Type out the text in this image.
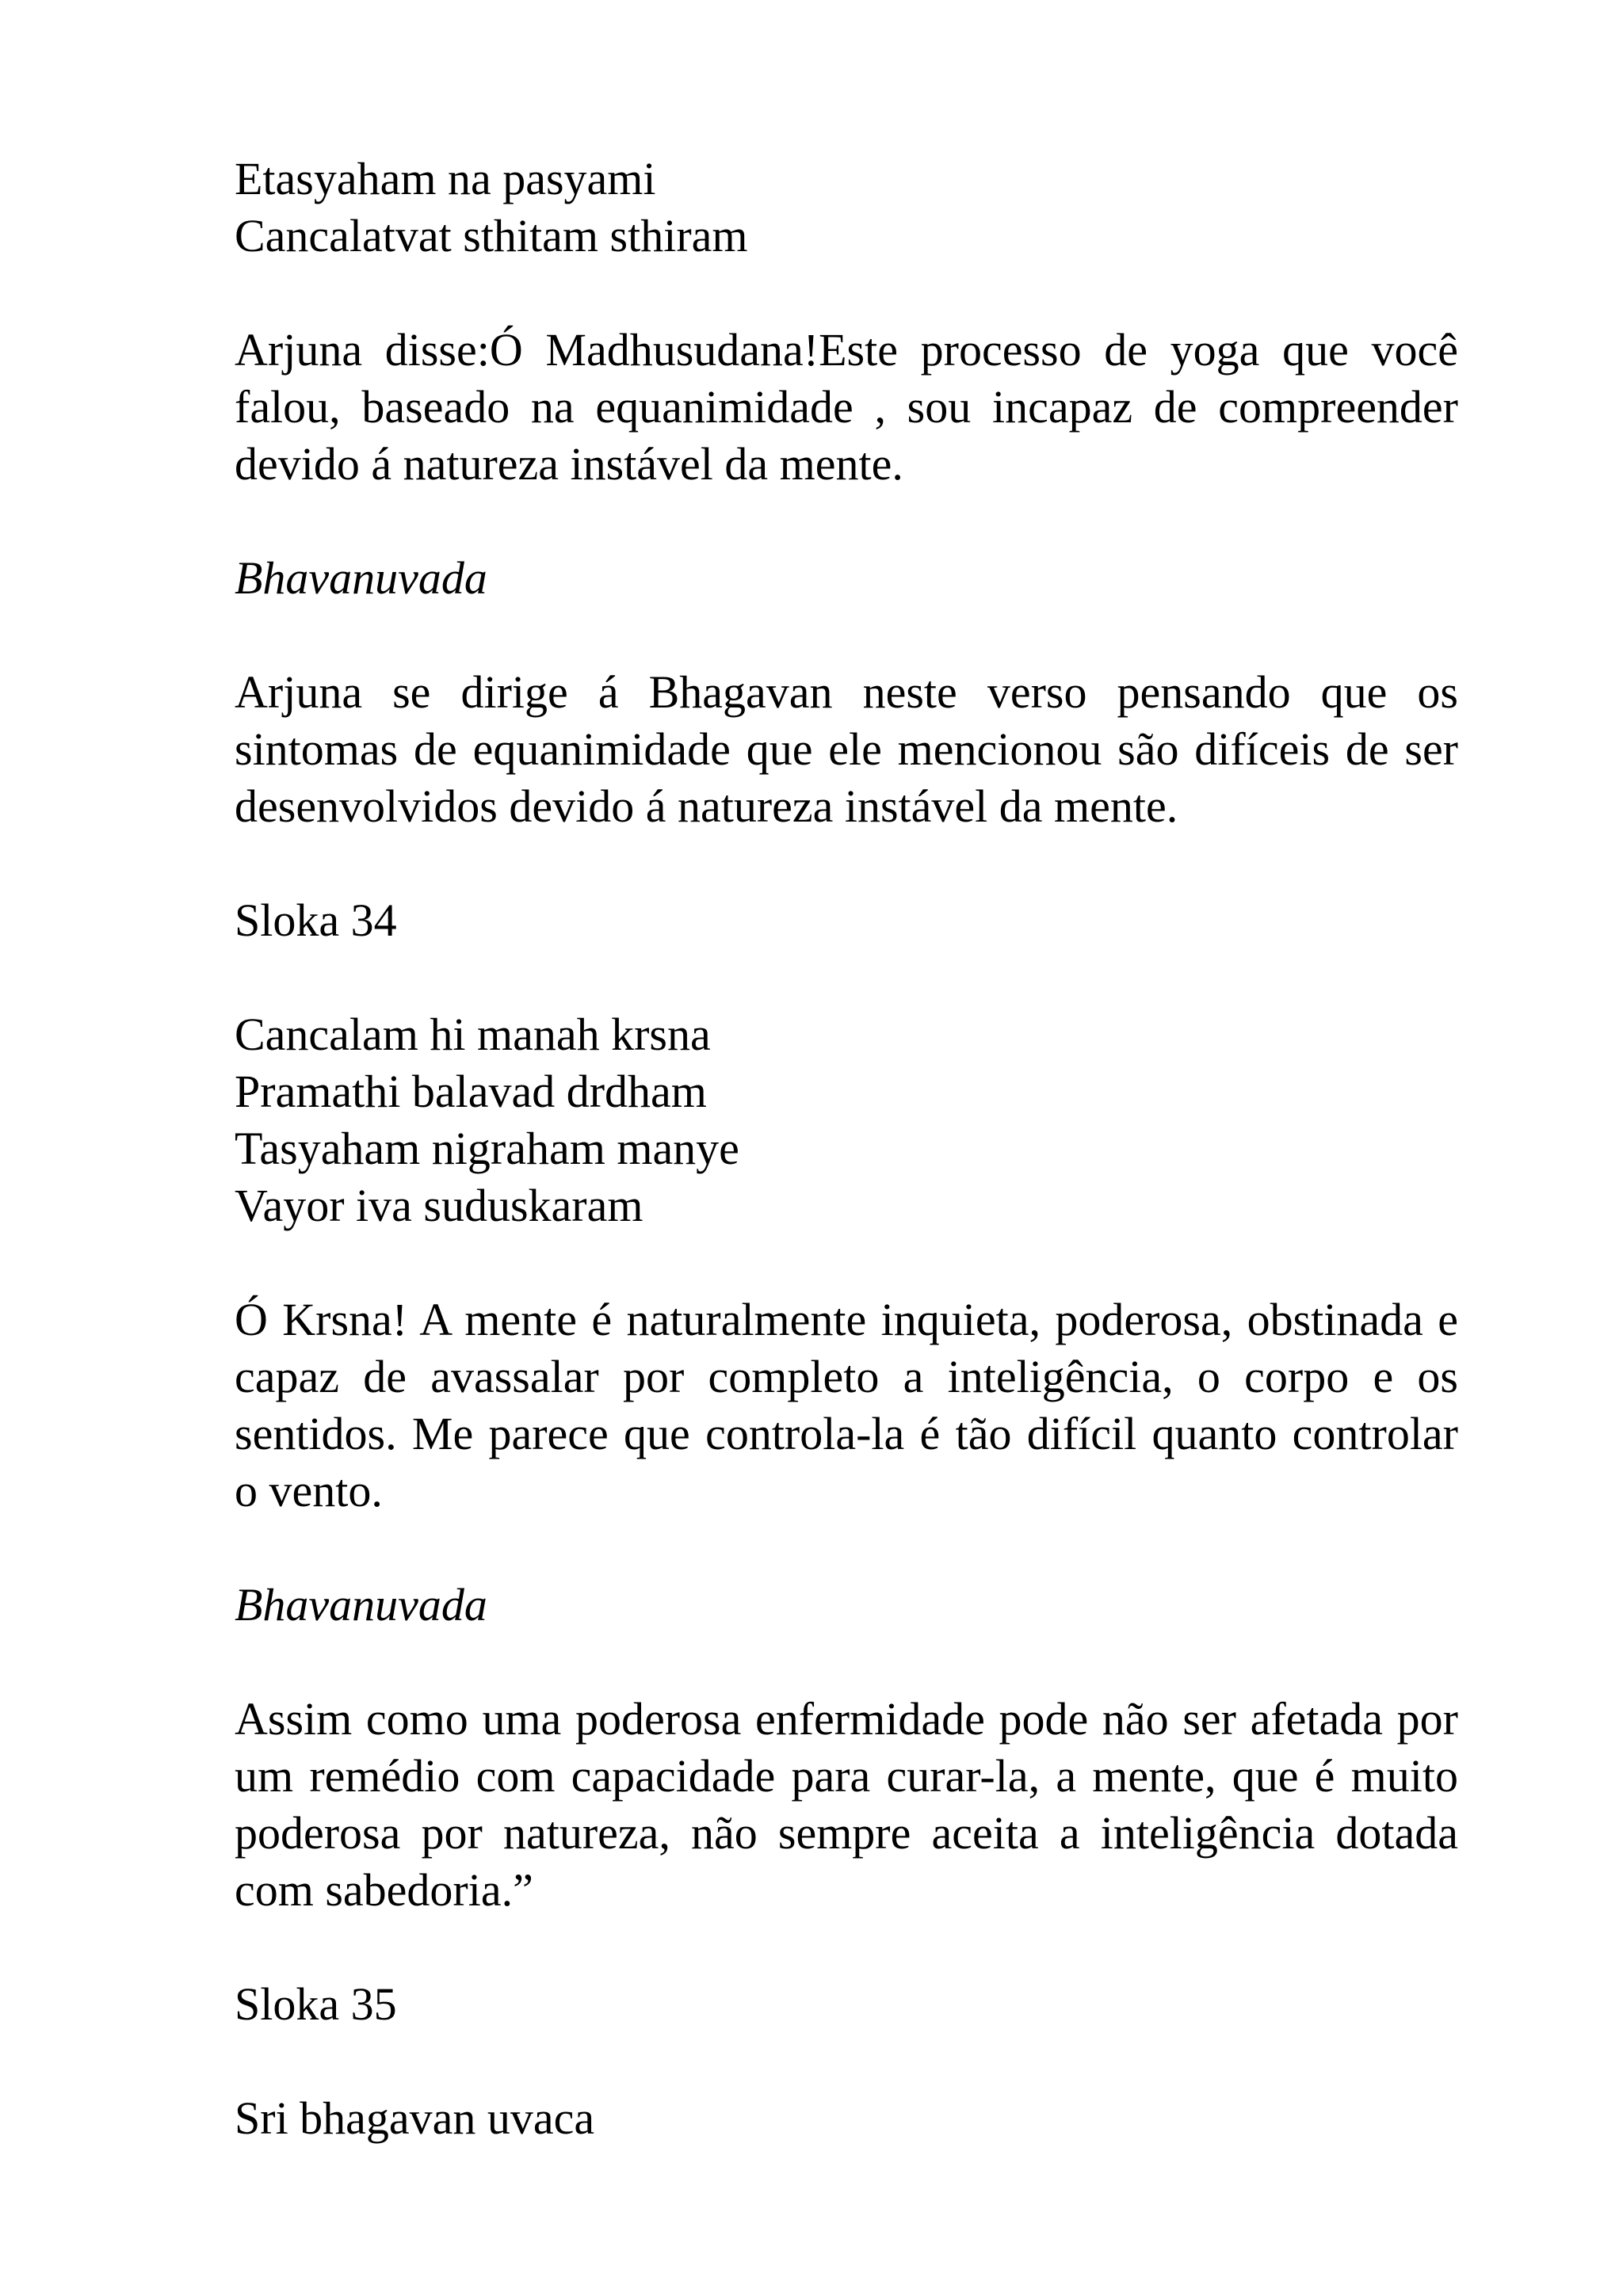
Etasyaham na pasyami
Cancalatvat sthitam sthiram
Arjuna disse:Ó Madhusudana!Este processo de yoga que você falou, baseado na equanimidade , sou incapaz de compreender devido á natureza instável da mente.
Bhavanuvada
Arjuna se dirige á Bhagavan neste verso pensando que os sintomas de equanimidade que ele mencionou são difíceis de ser desenvolvidos devido á natureza instável da mente.
Sloka 34
Cancalam hi manah krsna
Pramathi balavad drdham
Tasyaham nigraham manye
Vayor iva suduskaram
Ó Krsna! A mente é naturalmente inquieta, poderosa, obstinada e capaz de avassalar por completo a inteligência, o corpo e os sentidos. Me parece que controla-la é tão difícil quanto controlar o vento.
Bhavanuvada
Assim como uma poderosa enfermidade pode não ser afetada por um remédio com capacidade para curar-la, a mente, que é muito poderosa por natureza, não sempre aceita a inteligência dotada com sabedoria.”
Sloka 35
Sri bhagavan uvaca
